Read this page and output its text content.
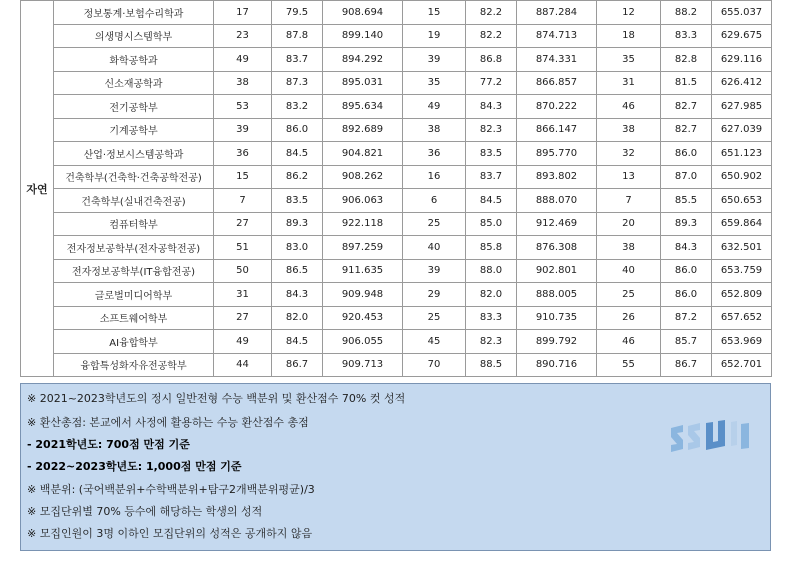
자연	정보통계·보험수리학과	17	79.5	908.694	15	82.2	887.284	12	88.2	655.037
	의생명시스템학부	23	87.8	899.140	19	82.2	874.713	18	83.3	629.675
	화학공학과	49	83.7	894.292	39	86.8	874.331	35	82.8	629.116
	신소재공학과	38	87.3	895.031	35	77.2	866.857	31	81.5	626.412
	전기공학부	53	83.2	895.634	49	84.3	870.222	46	82.7	627.985
	기계공학부	39	86.0	892.689	38	82.3	866.147	38	82.7	627.039
	산업·정보시스템공학과	36	84.5	904.821	36	83.5	895.770	32	86.0	651.123
	건축학부(건축학·건축공학전공)	15	86.2	908.262	16	83.7	893.802	13	87.0	650.902
	건축학부(실내건축전공)	7	83.5	906.063	6	84.5	888.070	7	85.5	650.653
	컴퓨터학부	27	89.3	922.118	25	85.0	912.469	20	89.3	659.864
	전자정보공학부(전자공학전공)	51	83.0	897.259	40	85.8	876.308	38	84.3	632.501
	전자정보공학부(IT융합전공)	50	86.5	911.635	39	88.0	902.801	40	86.0	653.759
	글로벌미디어학부	31	84.3	909.948	29	82.0	888.005	25	86.0	652.809
	소프트웨어학부	27	82.0	920.453	25	83.3	910.735	26	87.2	657.652
	AI융합학부	49	84.5	906.055	45	82.3	899.792	46	85.7	653.969
	융합특성화자유전공학부	44	86.7	909.713	70	88.5	890.716	55	86.7	652.701
※ 2021~2023학년도의 정시 일반전형 수능 백분위 및 환산점수 70% 컷 성적
※ 환산총점: 본교에서 사정에 활용하는 수능 환산점수 총점
- 2021학년도: 700점 만점 기준
- 2022~2023학년도: 1,000점 만점 기준
※ 백분위: (국어백분위+수학백분위+탐구2개백분위평균)/3
※ 모집단위별 70% 등수에 해당하는 학생의 성적
※ 모집인원이 3명 이하인 모집단위의 성적은 공개하지 않음
